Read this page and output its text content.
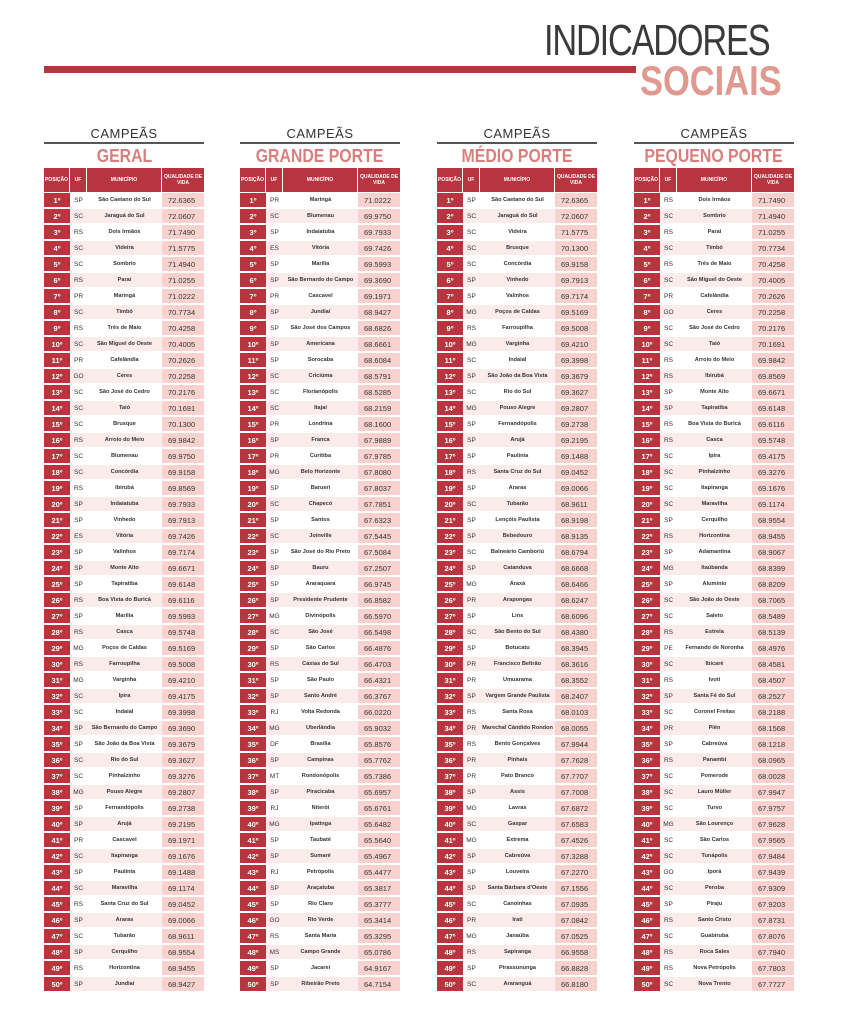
INDICADORES
SOCIAIS
CAMPEÃS
GERAL
POSIÇÃO	UF	MUNICÍPIO	QUALIDADE DE VIDA
1º	SP	São Caetano do Sul	72.6365
2º	SC	Jaraguá do Sul	72.0607
3º	RS	Dois Irmãos	71.7490
4º	SC	Videira	71.5775
5º	SC	Sombrio	71.4940
6º	RS	Paraí	71.0255
7º	PR	Maringá	71.0222
8º	SC	Timbó	70.7734
9º	RS	Três de Maio	70.4258
10º	SC	São Miguel do Oeste	70.4005
11º	PR	Cafelândia	70.2626
12º	GO	Ceres	70.2258
13º	SC	São José do Cedro	70.2176
14º	SC	Taió	70.1691
15º	SC	Brusque	70.1300
16º	RS	Arroio do Meio	69.9842
17º	SC	Blumenau	69.9750
18º	SC	Concórdia	69.9158
19º	RS	Ibirubá	69.8569
20º	SP	Indaiatuba	69.7933
21º	SP	Vinhedo	69.7913
22º	ES	Vitória	69.7426
23º	SP	Valinhos	69.7174
24º	SP	Monte Alto	69.6671
25º	SP	Tapiratiba	69.6148
26º	RS	Boa Vista do Buricá	69.6116
27º	SP	Marília	69.5993
28º	RS	Casca	69.5748
29º	MG	Poços de Caldas	69.5169
30º	RS	Farroupilha	69.5008
31º	MG	Varginha	69.4210
32º	SC	Ipira	69.4175
33º	SC	Indaial	69.3998
34º	SP	São Bernardo do Campo	69.3690
35º	SP	São João da Boa Vista	69.3679
36º	SC	Rio do Sul	69.3627
37º	SC	Pinhalzinho	69.3276
38º	MG	Pouso Alegre	69.2807
39º	SP	Fernandópolis	69.2738
40º	SP	Arujá	69.2195
41º	PR	Cascavel	69.1971
42º	SC	Itapiranga	69.1676
43º	SP	Paulínia	69.1488
44º	SC	Maravilha	69.1174
45º	RS	Santa Cruz do Sul	69.0452
46º	SP	Araras	69.0066
47º	SC	Tubarão	68.9611
48º	SP	Cerquilho	68.9554
49º	RS	Horizontina	68.9455
50º	SP	Jundiaí	68.9427
CAMPEÃS
GRANDE PORTE
POSIÇÃO	UF	MUNICÍPIO	QUALIDADE DE VIDA
1º	PR	Maringá	71.0222
2º	SC	Blumenau	69.9750
3º	SP	Indaiatuba	69.7933
4º	ES	Vitória	69.7426
5º	SP	Marília	69.5993
6º	SP	São Bernardo do Campo	69.3690
7º	PR	Cascavel	69.1971
8º	SP	Jundiaí	68.9427
9º	SP	São José dos Campos	68.6826
10º	SP	Americana	68.6661
11º	SP	Sorocaba	68.6084
12º	SC	Criciúma	68.5791
13º	SC	Florianópolis	68.5285
14º	SC	Itajaí	68.2159
15º	PR	Londrina	68.1600
16º	SP	Franca	67.9889
17º	PR	Curitiba	67.9785
18º	MG	Belo Horizonte	67.8080
19º	SP	Barueri	67.8037
20º	SC	Chapecó	67.7851
21º	SP	Santos	67.6323
22º	SC	Joinville	67.5445
23º	SP	São José do Rio Preto	67.5084
24º	SP	Bauru	67.2507
25º	SP	Araraquara	66.9745
26º	SP	Presidente Prudente	66.8582
27º	MG	Divinópolis	66.5970
28º	SC	São José	66.5498
29º	SP	São Carlos	66.4876
30º	RS	Caxias do Sul	66.4703
31º	SP	São Paulo	66.4321
32º	SP	Santo André	66.3767
33º	RJ	Volta Redonda	66.0220
34º	MG	Uberlândia	65.9032
35º	DF	Brasília	65.8576
36º	SP	Campinas	65.7762
37º	MT	Rondonópolis	65.7386
38º	SP	Piracicaba	65.6957
39º	RJ	Niterói	65.6761
40º	MG	Ipatinga	65.6482
41º	SP	Taubaté	65.5640
42º	SP	Sumaré	65.4967
43º	RJ	Petrópolis	65.4477
44º	SP	Araçatuba	65.3817
45º	SP	Rio Claro	65.3777
46º	GO	Rio Verde	65.3414
47º	RS	Santa Maria	65.3295
48º	MS	Campo Grande	65.0786
49º	SP	Jacareí	64.9167
50º	SP	Ribeirão Preto	64.7154
CAMPEÃS
MÉDIO PORTE
POSIÇÃO	UF	MUNICÍPIO	QUALIDADE DE VIDA
1º	SP	São Caetano do Sul	72.6365
2º	SC	Jaraguá do Sul	72.0607
3º	SC	Videira	71.5775
4º	SC	Brusque	70.1300
5º	SC	Concórdia	69.9158
6º	SP	Vinhedo	69.7913
7º	SP	Valinhos	69.7174
8º	MG	Poços de Caldas	69.5169
9º	RS	Farroupilha	69.5008
10º	MG	Varginha	69.4210
11º	SC	Indaial	69.3998
12º	SP	São João da Boa Vista	69.3679
13º	SC	Rio do Sul	69.3627
14º	MG	Pouso Alegre	69.2807
15º	SP	Fernandópolis	69.2738
16º	SP	Arujá	69.2195
17º	SP	Paulínia	69.1488
18º	RS	Santa Cruz do Sul	69.0452
19º	SP	Araras	69.0066
20º	SC	Tubarão	68.9611
21º	SP	Lençóis Paulista	68.9198
22º	SP	Bebedouro	68.9135
23º	SC	Balneário Camboriú	68.6794
24º	SP	Catanduva	68.6668
25º	MG	Araxá	68.6466
26º	PR	Arapongas	68.6247
27º	SP	Lins	68.6096
28º	SC	São Bento do Sul	68.4380
29º	SP	Botucatu	68.3945
30º	PR	Francisco Beltrão	68.3616
31º	PR	Umuarama	68.3552
32º	SP	Vargem Grande Paulista	68.2407
33º	RS	Santa Rosa	68.0103
34º	PR	Marechal Cândido Rondon	68.0055
35º	RS	Bento Gonçalves	67.9944
36º	PR	Pinhais	67.7628
37º	PR	Pato Branco	67.7707
38º	SP	Assis	67.7008
39º	MG	Lavras	67.6872
40º	SC	Gaspar	67.6583
41º	MG	Extrema	67.4526
42º	SP	Cabreúva	67.3288
43º	SP	Louveira	67.2270
44º	SP	Santa Bárbara d'Oeste	67.1556
45º	SC	Canoinhas	67.0935
46º	PR	Irati	67.0842
47º	MG	Janaúba	67.0525
48º	RS	Sapiranga	66.9558
49º	SP	Pirassununga	66.8828
50º	SC	Araranguá	66.8180
CAMPEÃS
PEQUENO PORTE
POSIÇÃO	UF	MUNICÍPIO	QUALIDADE DE VIDA
1º	RS	Dois Irmãos	71.7490
2º	SC	Sombrio	71.4940
3º	RS	Paraí	71.0255
4º	SC	Timbó	70.7734
5º	RS	Três de Maio	70.4258
6º	SC	São Miguel do Oeste	70.4005
7º	PR	Cafelândia	70.2626
8º	GO	Ceres	70.2258
9º	SC	São José do Cedro	70.2176
10º	SC	Taió	70.1691
11º	RS	Arroio do Meio	69.9842
12º	RS	Ibirubá	69.8569
13º	SP	Monte Alto	69.6671
14º	SP	Tapiratiba	69.6148
15º	RS	Boa Vista do Buricá	69.6116
16º	RS	Casca	69.5748
17º	SC	Ipira	69.4175
18º	SC	Pinhalzinho	69.3276
19º	SC	Itapiranga	69.1676
20º	SC	Maravilha	69.1174
21º	SP	Cerquilho	68.9554
22º	RS	Horizontina	68.9455
23º	SP	Adamantina	68.9067
24º	MG	Itaúbanda	68.8399
25º	SP	Aluminio	68.8209
26º	SC	São João do Oeste	68.7065
27º	SC	Saleto	68.5489
28º	RS	Estrela	68.5139
29º	PE	Fernando de Noronha	68.4976
30º	SC	Ibicaré	68.4581
31º	RS	Ivoti	68.4507
32º	SP	Santa Fé do Sul	68.2527
33º	SC	Coronel Freitas	68.2188
34º	PR	Piên	68.1568
35º	SP	Cabreúva	68.1218
36º	RS	Panambi	68.0965
37º	SC	Pomerode	68.0028
38º	SC	Lauro Müller	67.9947
39º	SC	Turvo	67.9757
40º	MG	São Lourenço	67.9628
41º	SC	São Carlos	67.9565
42º	SC	Tunápolis	67.9484
43º	GO	Iporá	67.9439
44º	SC	Peroba	67.9309
45º	SP	Piraju	67.9203
46º	RS	Santo Cristo	67.8731
47º	SC	Guabiruba	67.8076
48º	RS	Roca Sales	67.7940
49º	RS	Nova Petrópolis	67.7803
50º	SC	Nova Trento	67.7727
